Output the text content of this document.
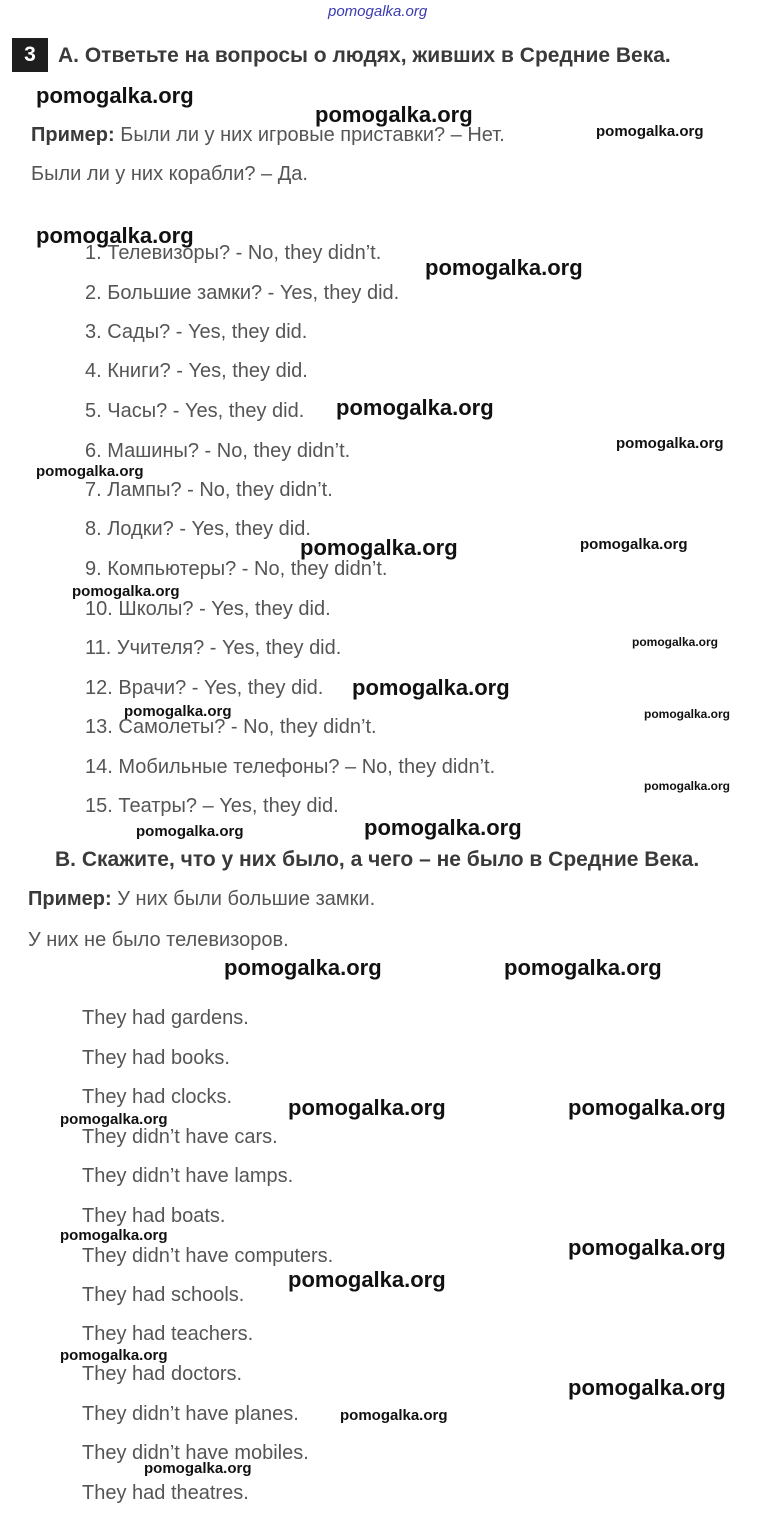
pomogalka.org
3	A. Ответьте на вопросы о людях, живших в Средние Века.
Пример: Были ли у них игровые приставки? – Нет.
Были ли у них корабли? – Да.
1. Телевизоры? - No, they didn’t.
2. Большие замки? - Yes, they did.
3. Сады? - Yes, they did.
4. Книги? - Yes, they did.
5. Часы? - Yes, they did.
6. Машины? - No, they didn’t.
7. Лампы? - No, they didn’t.
8. Лодки? - Yes, they did.
9. Компьютеры? - No, they didn’t.
10. Школы? - Yes, they did.
11. Учителя? - Yes, they did.
12. Врачи? - Yes, they did.
13. Самолеты? - No, they didn’t.
14. Мобильные телефоны? – No, they didn’t.
15. Театры? – Yes, they did.
B. Скажите, что у них было, а чего – не было в Средние Века.
Пример: У них были большие замки.
У них не было телевизоров.
They had gardens.
They had books.
They had clocks.
They didn’t have cars.
They didn’t have lamps.
They had boats.
They didn’t have computers.
They had schools.
They had teachers.
They had doctors.
They didn’t have planes.
They didn’t have mobiles.
They had theatres.
pomogalka.org
pomogalka.org
pomogalka.org
pomogalka.org
pomogalka.org
pomogalka.org
pomogalka.org
pomogalka.org
pomogalka.org	pomogalka.org
pomogalka.org
pomogalka.org
pomogalka.org
pomogalka.org	pomogalka.org
pomogalka.org
pomogalka.org	pomogalka.org
pomogalka.org	pomogalka.org
pomogalka.org	pomogalka.org
pomogalka.org
pomogalka.org	pomogalka.org
pomogalka.org
pomogalka.org
pomogalka.org
pomogalka.org
pomogalka.org
